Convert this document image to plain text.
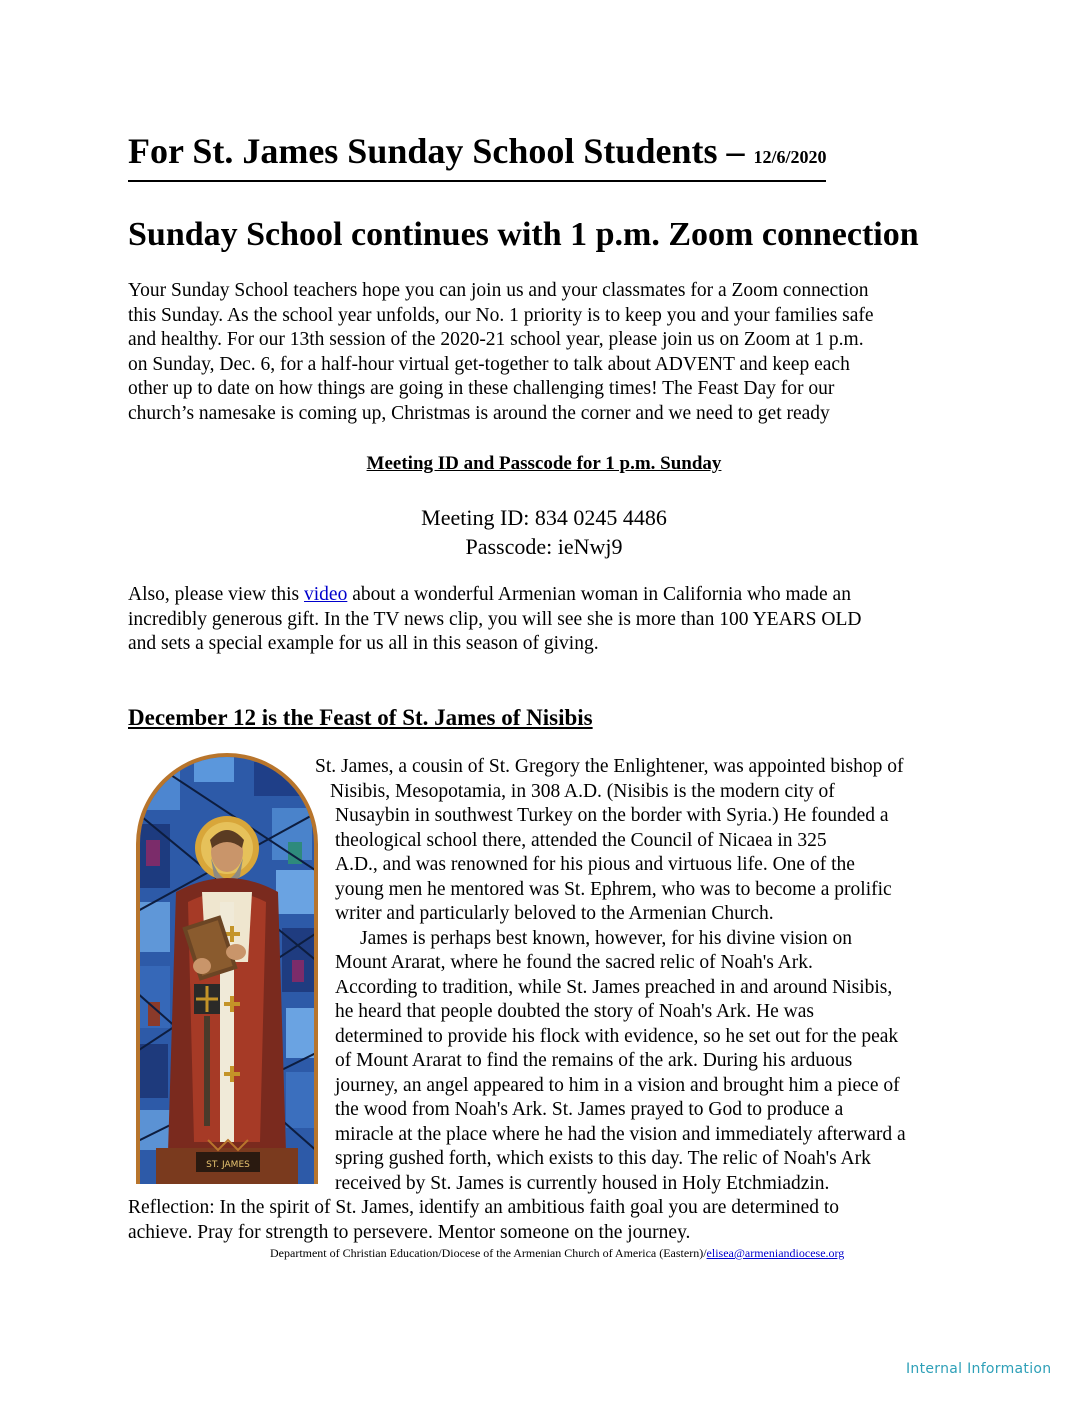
For St. James Sunday School Students – 12/6/2020
Sunday School continues with 1 p.m. Zoom connection
Your Sunday School teachers hope you can join us and your classmates for a Zoom connection
this Sunday. As the school year unfolds, our No. 1 priority is to keep you and your families safe
and healthy. For our 13th session of the 2020-21 school year, please join us on Zoom at 1 p.m.
on Sunday, Dec. 6, for a half-hour virtual get-together to talk about ADVENT and keep each
other up to date on how things are going in these challenging times! The Feast Day for our
church’s namesake is coming up, Christmas is around the corner and we need to get ready
Meeting ID and Passcode for 1 p.m. Sunday
Meeting ID: 834 0245 4486
Passcode: ieNwj9
Also, please view this video about a wonderful Armenian woman in California who made an
incredibly generous gift. In the TV news clip, you will see she is more than 100 YEARS OLD
and sets a special example for us all in this season of giving.
December 12 is the Feast of St. James of Nisibis
ST. JAMES
St. James, a cousin of St. Gregory the Enlightener, was appointed bishop of
Nisibis, Mesopotamia, in 308 A.D. (Nisibis is the modern city of
Nusaybin in southwest Turkey on the border with Syria.) He founded a
theological school there, attended the Council of Nicaea in 325
A.D., and was renowned for his pious and virtuous life. One of the
young men he mentored was St. Ephrem, who was to become a prolific
writer and particularly beloved to the Armenian Church.
James is perhaps best known, however, for his divine vision on
Mount Ararat, where he found the sacred relic of Noah's Ark.
According to tradition, while St. James preached in and around Nisibis,
he heard that people doubted the story of Noah's Ark. He was
determined to provide his flock with evidence, so he set out for the peak
of Mount Ararat to find the remains of the ark. During his arduous
journey, an angel appeared to him in a vision and brought him a piece of
the wood from Noah's Ark. St. James prayed to God to produce a
miracle at the place where he had the vision and immediately afterward a
spring gushed forth, which exists to this day. The relic of Noah's Ark
received by St. James is currently housed in Holy Etchmiadzin.
Reflection: In the spirit of St. James, identify an ambitious faith goal you are determined to
achieve. Pray for strength to persevere. Mentor someone on the journey.
Department of Christian Education/Diocese of the Armenian Church of America (Eastern)/elisea@armeniandiocese.org
Internal Information
